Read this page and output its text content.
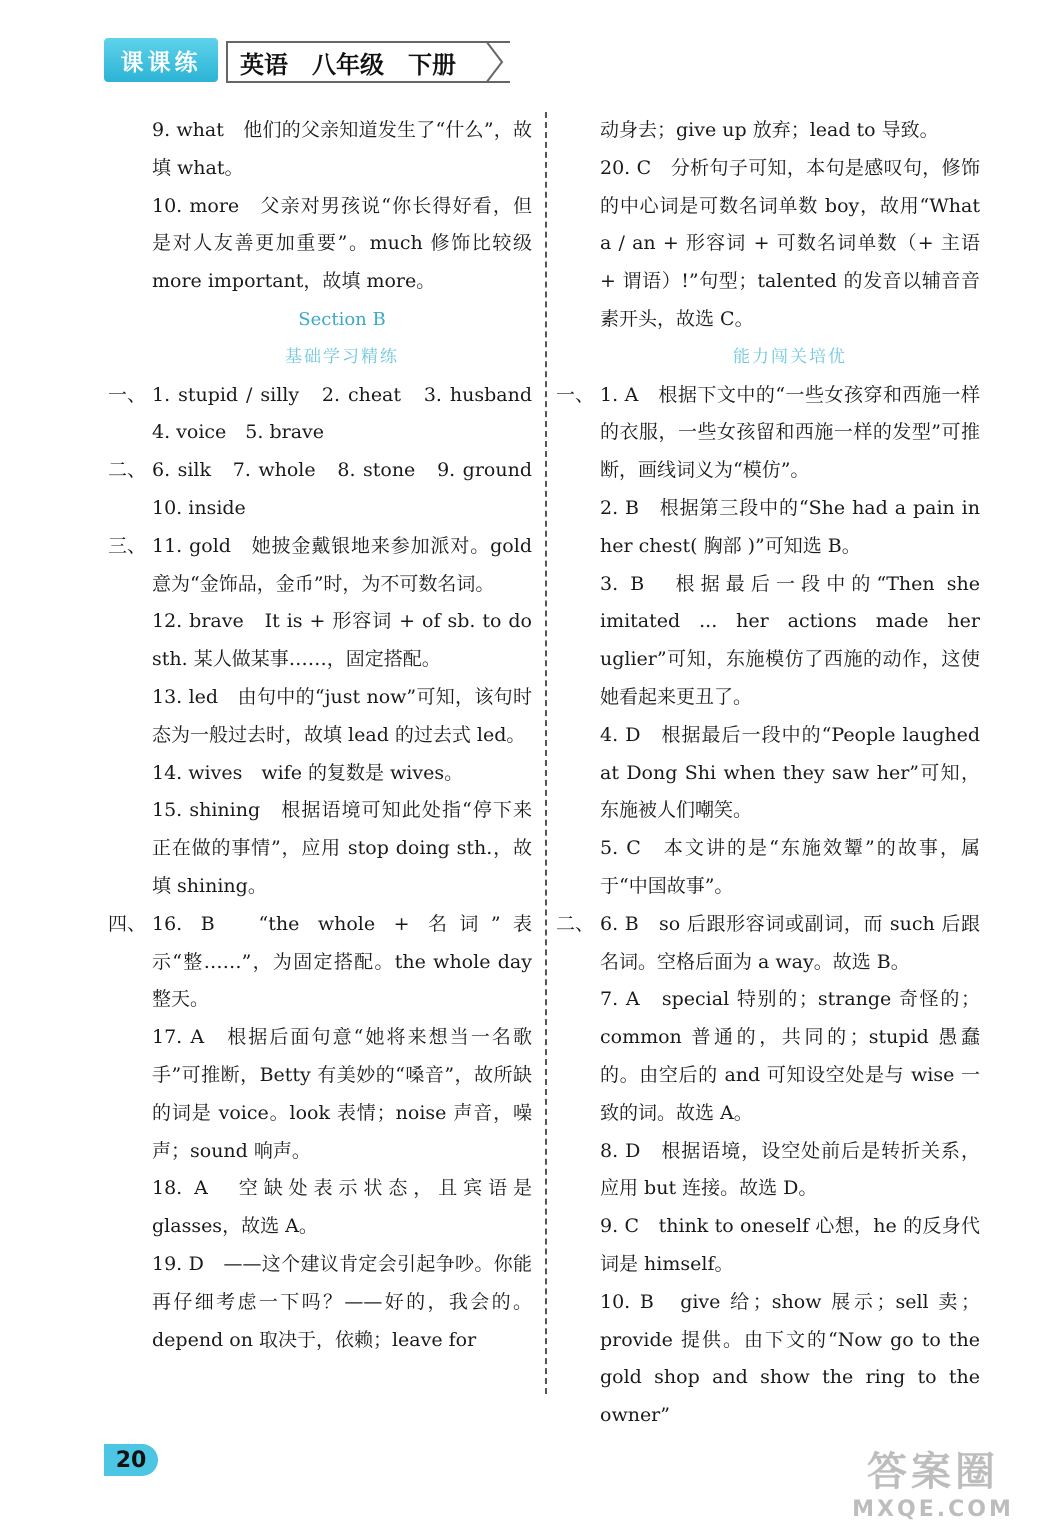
课课练	英语　八年级　下册
9. what　他们的父亲知道发生了“什么”，故填 what。
10. more　父亲对男孩说“你长得好看，但是对人友善更加重要”。much 修饰比较级 more important，故填 more。
Section B
基础学习精练
一、 1. stupid / silly　2. cheat　3. husband　4. voice　5. brave
二、 6. silk　7. whole　8. stone　9. ground　10. inside
三、 11. gold　她披金戴银地来参加派对。gold 意为“金饰品，金币”时，为不可数名词。
12. brave　It is + 形容词 + of sb. to do sth. 某人做某事……，固定搭配。
13. led　由句中的“just now”可知，该句时态为一般过去时，故填 lead 的过去式 led。
14. wives　wife 的复数是 wives。
15. shining　根据语境可知此处指“停下来正在做的事情”，应用 stop doing sth.，故填 shining。
四、 16. B　“the whole + 名词”表示“整……”，为固定搭配。the whole day 整天。
17. A　根据后面句意“她将来想当一名歌手”可推断，Betty 有美妙的“嗓音”，故所缺的词是 voice。look 表情；noise 声音，噪声；sound 响声。
18. A　空缺处表示状态，且宾语是 glasses，故选 A。
19. D　——这个建议肯定会引起争吵。你能再仔细考虑一下吗？——好的，我会的。depend on 取决于，依赖；leave for
动身去；give up 放弃；lead to 导致。
20. C　分析句子可知，本句是感叹句，修饰的中心词是可数名词单数 boy，故用“What a / an + 形容词 + 可数名词单数（+ 主语 + 谓语）!”句型；talented 的发音以辅音音素开头，故选 C。
能力闯关培优
一、 1. A　根据下文中的“一些女孩穿和西施一样的衣服，一些女孩留和西施一样的发型”可推断，画线词义为“模仿”。
2. B　根据第三段中的“She had a pain in her chest( 胸部 )”可知选 B。
3. B　根据最后一段中的“Then she imitated ... her actions made her uglier”可知，东施模仿了西施的动作，这使她看起来更丑了。
4. D　根据最后一段中的“People laughed at Dong Shi when they saw her”可知，东施被人们嘲笑。
5. C　本文讲的是“东施效颦”的故事，属于“中国故事”。
二、 6. B　so 后跟形容词或副词，而 such 后跟名词。空格后面为 a way。故选 B。
7. A　special 特别的；strange 奇怪的；common 普通的，共同的；stupid 愚蠢的。由空后的 and 可知设空处是与 wise 一致的词。故选 A。
8. D　根据语境，设空处前后是转折关系，应用 but 连接。故选 D。
9. C　think to oneself 心想，he 的反身代词是 himself。
10. B　give 给；show 展示；sell 卖；provide 提供。由下文的“Now go to the gold shop and show the ring to the owner”
20	答案圈
MXQE.COM
